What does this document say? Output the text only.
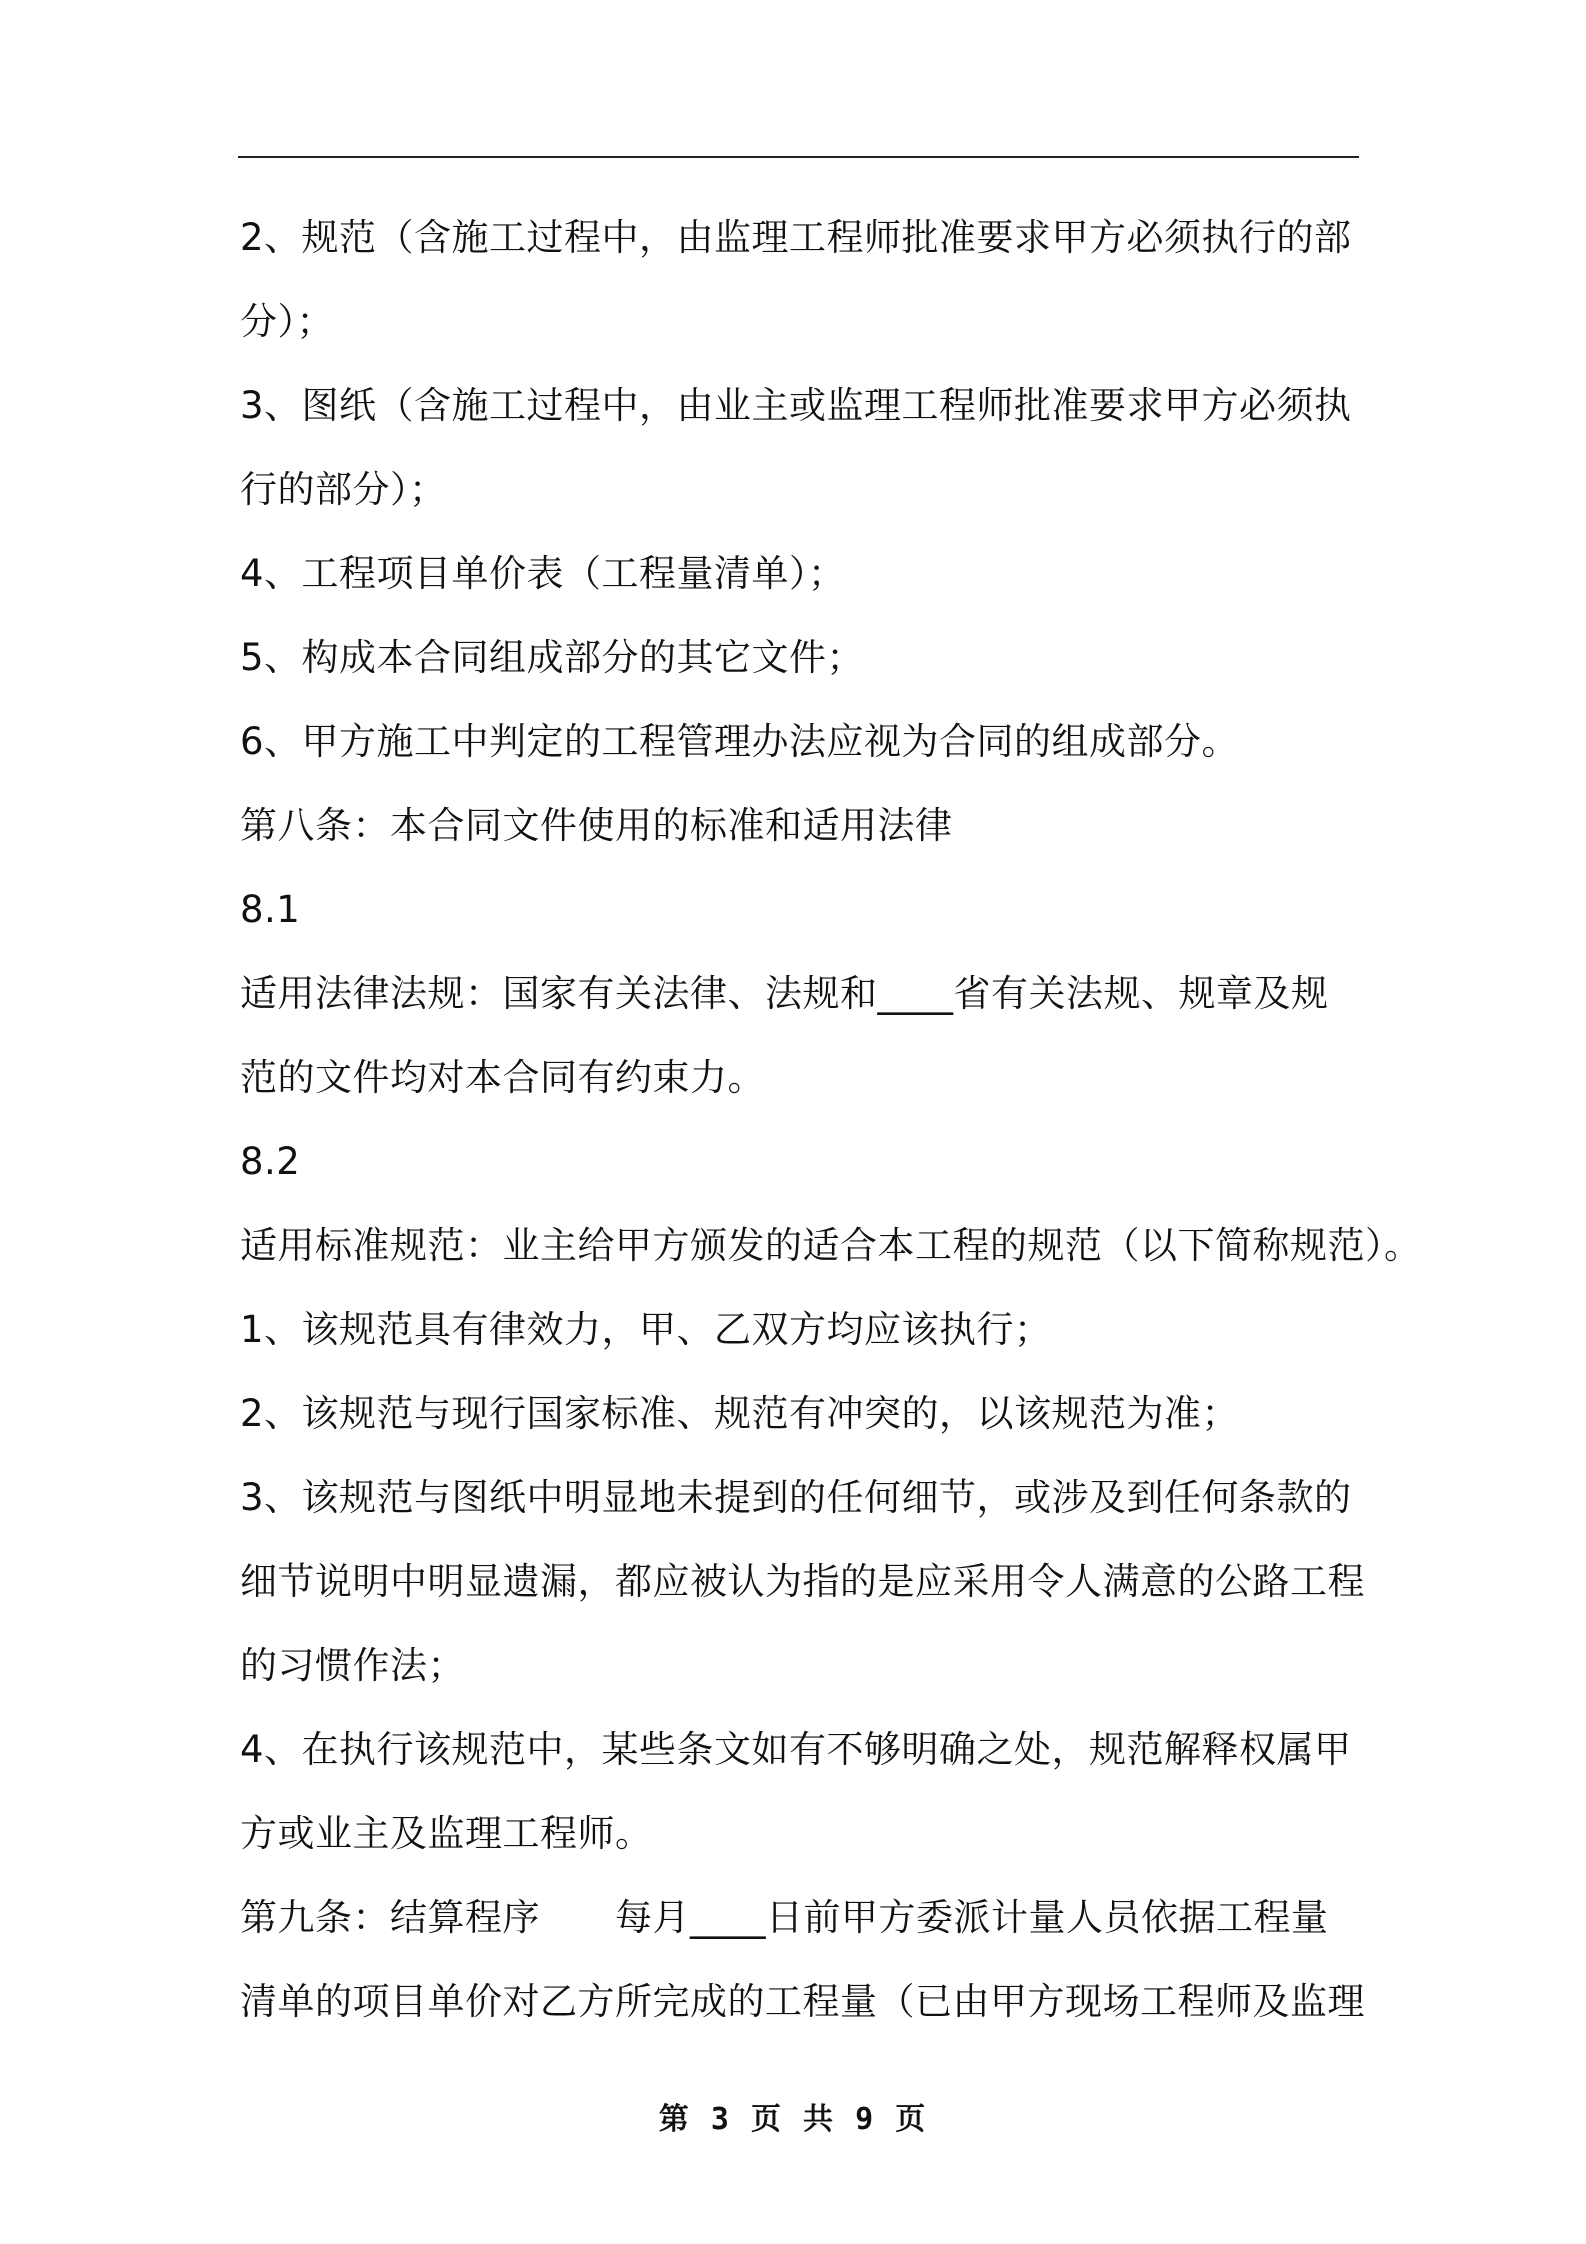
2、规范（含施工过程中，由监理工程师批准要求甲方必须执行的部
分）；
3、图纸（含施工过程中，由业主或监理工程师批准要求甲方必须执
行的部分）；
4、工程项目单价表（工程量清单）；
5、构成本合同组成部分的其它文件；
6、甲方施工中判定的工程管理办法应视为合同的组成部分。
第八条：本合同文件使用的标准和适用法律
8.1
适用法律法规：国家有关法律、法规和____省有关法规、规章及规
范的文件均对本合同有约束力。
8.2
适用标准规范：业主给甲方颁发的适合本工程的规范（以下简称规范）。
1、该规范具有律效力，甲、乙双方均应该执行；
2、该规范与现行国家标准、规范有冲突的，以该规范为准；
3、该规范与图纸中明显地未提到的任何细节，或涉及到任何条款的
细节说明中明显遗漏，都应被认为指的是应采用令人满意的公路工程
的习惯作法；
4、在执行该规范中，某些条文如有不够明确之处，规范解释权属甲
方或业主及监理工程师。
第九条：结算程序　　每月____日前甲方委派计量人员依据工程量
清单的项目单价对乙方所完成的工程量（已由甲方现场工程师及监理
第 3 页 共 9 页
